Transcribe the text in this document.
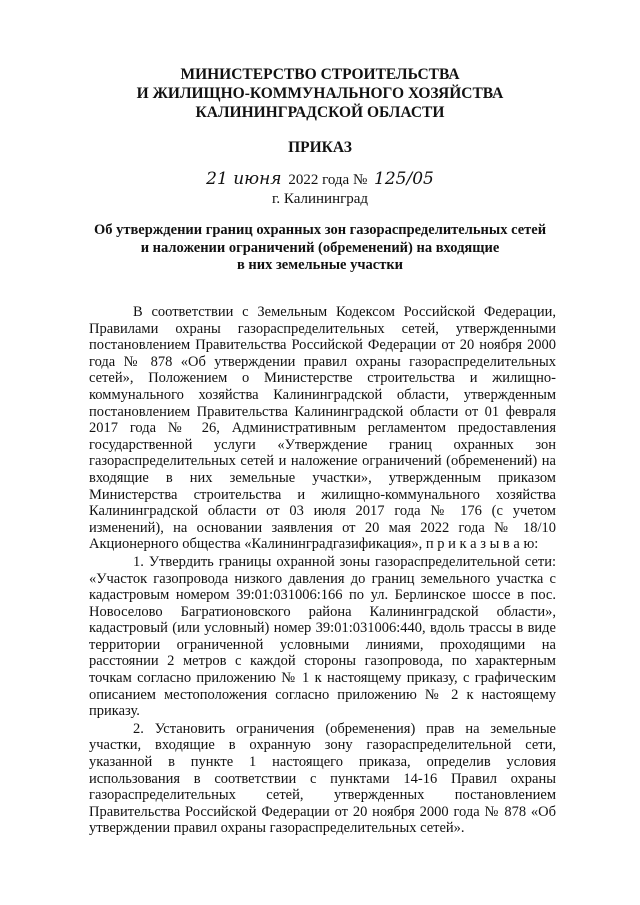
МИНИСТЕРСТВО СТРОИТЕЛЬСТВА
И ЖИЛИЩНО-КОММУНАЛЬНОГО ХОЗЯЙСТВА
КАЛИНИНГРАДСКОЙ ОБЛАСТИ
ПРИКАЗ
21 июня 2022 года № 125/05
г. Калининград
Об утверждении границ охранных зон газораспределительных сетей
и наложении ограничений (обременений) на входящие
в них земельные участки

В соответствии с Земельным Кодексом Российской Федерации, Правилами охраны газораспределительных сетей, утвержденными постановлением Правительства Российской Федерации от 20 ноября 2000 года № 878 «Об утверждении правил охраны газораспределительных сетей», Положением о Министерстве строительства и жилищно-коммунального хозяйства Калининградской области, утвержденным постановлением Правительства Калининградской области от 01 февраля 2017 года № 26, Административным регламентом предоставления государственной услуги «Утверждение границ охранных зон газораспределительных сетей и наложение ограничений (обременений) на входящие в них земельные участки», утвержденным приказом Министерства строительства и жилищно-коммунального хозяйства Калининградской области от 03 июля 2017 года № 176 (с учетом изменений), на основании заявления от 20 мая 2022 года № 18/10 Акционерного общества «Калининградгазификация», п р и к а з ы в а ю:

1. Утвердить границы охранной зоны газораспределительной сети: «Участок газопровода низкого давления до границ земельного участка с кадастровым номером 39:01:031006:166 по ул. Берлинское шоссе в пос. Новоселово Багратионовского района Калининградской области», кадастровый (или условный) номер 39:01:031006:440, вдоль трассы в виде территории ограниченной условными линиями, проходящими на расстоянии 2 метров с каждой стороны газопровода, по характерным точкам согласно приложению № 1 к настоящему приказу, с графическим описанием местоположения согласно приложению № 2 к настоящему приказу.

2. Установить ограничения (обременения) прав на земельные участки, входящие в охранную зону газораспределительной сети, указанной в пункте 1 настоящего приказа, определив условия использования в соответствии с пунктами 14-16 Правил охраны газораспределительных сетей, утвержденных постановлением Правительства Российской Федерации от 20 ноября 2000 года № 878 «Об утверждении правил охраны газораспределительных сетей».
